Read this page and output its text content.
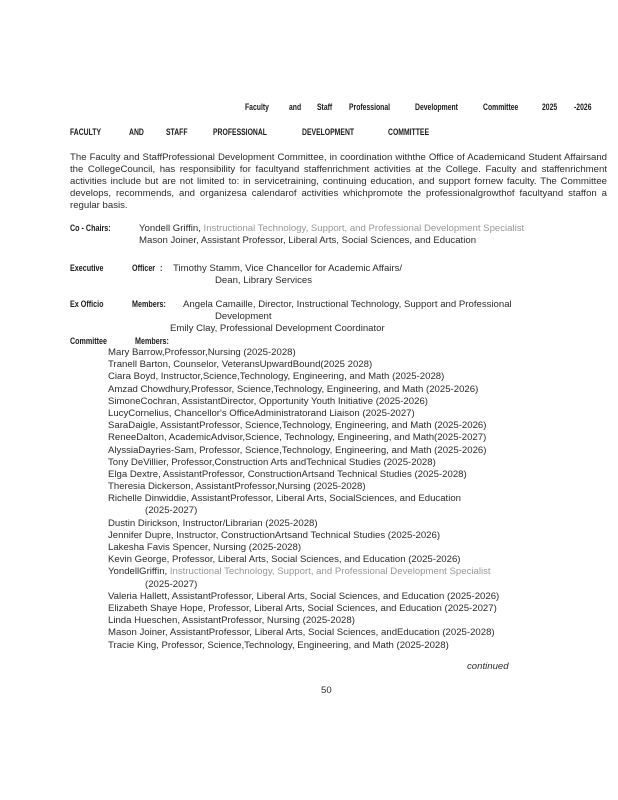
Faculty and Staff Professional	Development	Committee	2025 -2026
FACULTY	AND	STAFF	PROFESSIONAL	DEVELOPMENT	COMMITTEE
The Faculty and StaffProfessional Development Committee, in coordination withthe Office of Academicand Student Affairsand the CollegeCouncil, has responsibility for facultyand staffenrichment activities at the College. Faculty and staffenrichment activities include but are not limited to: in servicetraining, continuing education, and support fornew faculty. The Committee develops, recommends, and organizesa calendarof activities whichpromote the professionalgrowthof facultyand staffon a regular basis.
Co - Chairs:	Yondell Griffin, Instructional Technology, Support, and Professional Development Specialist
Mason Joiner, Assistant Professor, Liberal Arts, Social Sciences, and Education
Executive	Officer : Timothy Stamm, Vice Chancellor for Academic Affairs/
Dean, Library Services
Ex Officio	Members: Angela Camaille, Director, Instructional Technology, Support and Professional
Development
Emily Clay, Professional Development Coordinator
Committee	Members:
Mary Barrow,Professor,Nursing (2025-2028)
Tranell Barton, Counselor, VeteransUpwardBound(2025 2028)
Ciara Boyd, Instructor,Science,Technology, Engineering, and Math (2025-2028)
Amzad Chowdhury,Professor, Science,Technology, Engineering, and Math (2025-2026)
SimoneCochran, AssistantDirector, Opportunity Youth Initiative (2025-2026)
LucyCornelius, Chancellor's OfficeAdministratorand Liaison (2025-2027)
SaraDaigle, AssistantProfessor, Science,Technology, Engineering, and Math (2025-2026)
ReneeDalton, AcademicAdvisor,Science, Technology, Engineering, and Math(2025-2027)
AlyssiaDayries-Sam, Professor, Science,Technology, Engineering, and Math (2025-2026)
Tony DeVillier, Professor,Construction Arts andTechnical Studies (2025-2028)
Elga Dextre, AssistantProfessor, ConstructionArtsand Technical Studies (2025-2028)
Theresia Dickerson, AssistantProfessor,Nursing (2025-2028)
Richelle Dinwiddie, AssistantProfessor, Liberal Arts, SocialSciences, and Education
(2025-2027)
Dustin Dirickson, Instructor/Librarian (2025-2028)
Jennifer Dupre, Instructor, ConstructionArtsand Technical Studies (2025-2026)
Lakesha Favis Spencer, Nursing (2025-2028)
Kevin George, Professor, Liberal Arts, Social Sciences, and Education (2025-2026)
YondellGriffin, Instructional Technology, Support, and Professional Development Specialist
(2025-2027)
Valeria Hallett, AssistantProfessor, Liberal Arts, Social Sciences, and Education (2025-2026)
Elizabeth Shaye Hope, Professor, Liberal Arts, Social Sciences, and Education (2025-2027)
Linda Hueschen, AssistantProfessor, Nursing (2025-2028)
Mason Joiner, AssistantProfessor, Liberal Arts, Social Sciences, andEducation (2025-2028)
Tracie King, Professor, Science,Technology, Engineering, and Math (2025-2028)
continued
50
